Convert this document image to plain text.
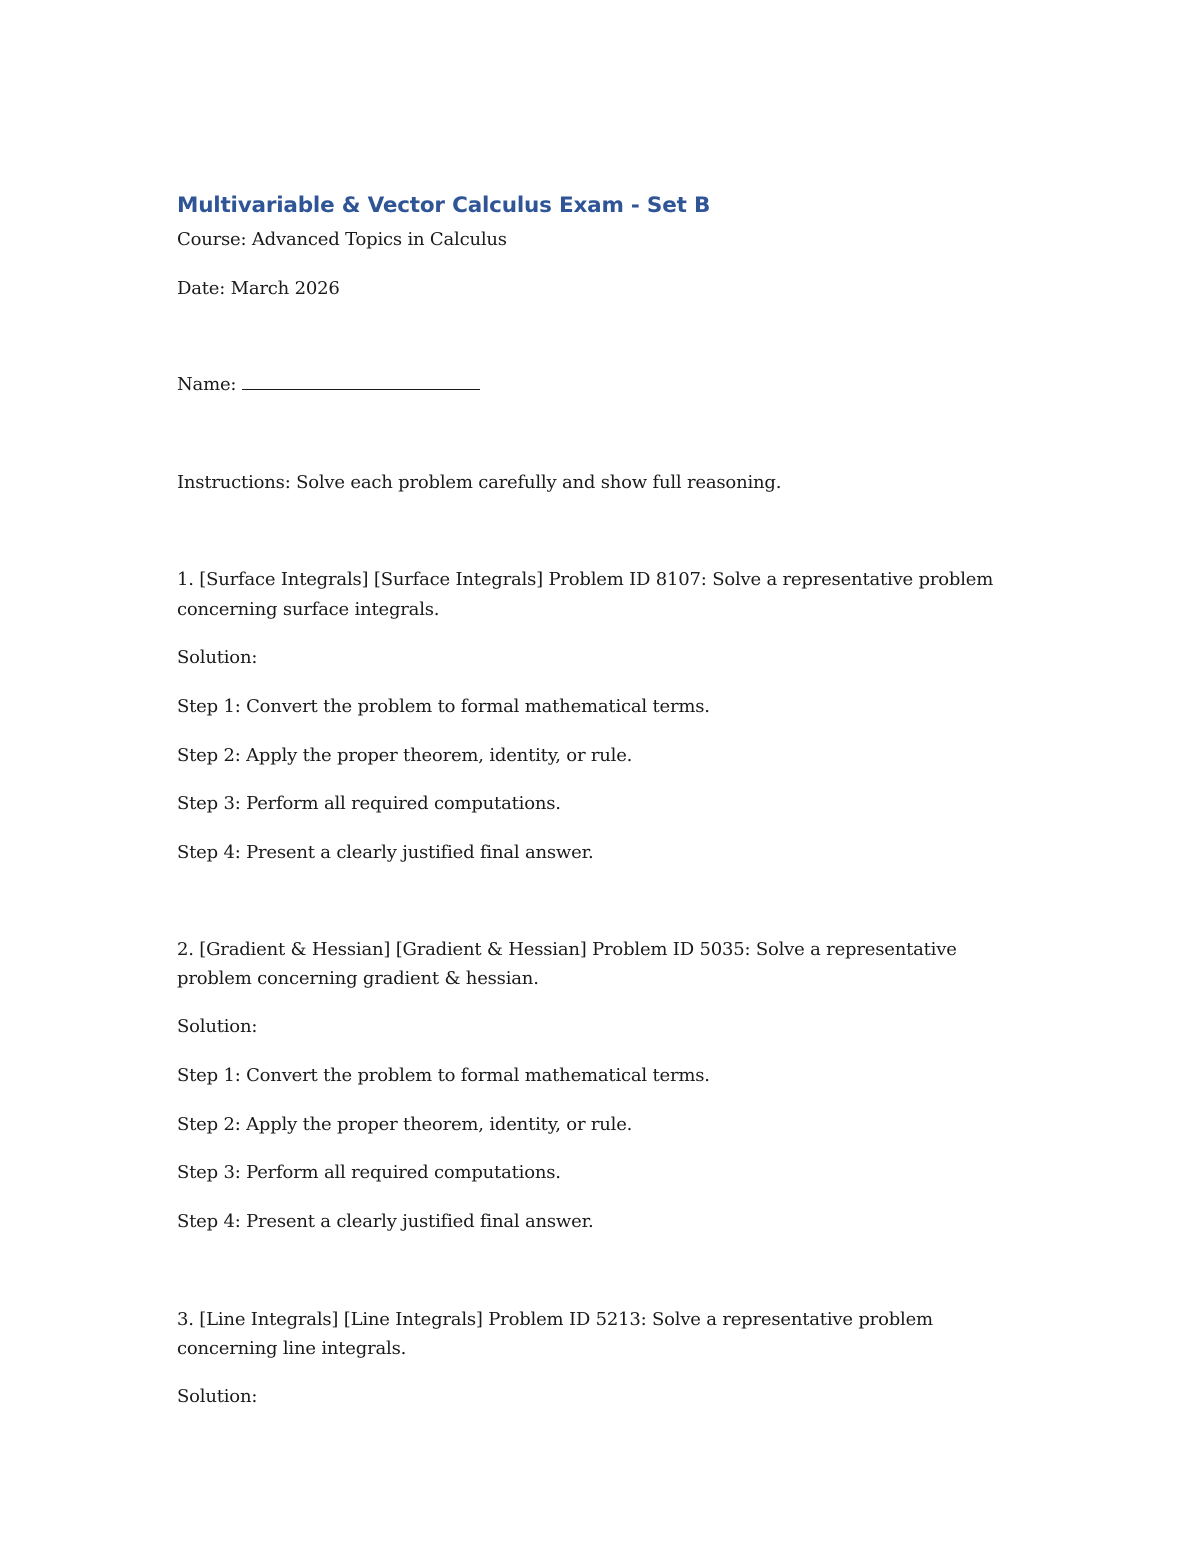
Multivariable & Vector Calculus Exam - Set B
Course: Advanced Topics in Calculus
Date: March 2026
Name:
Instructions: Solve each problem carefully and show full reasoning.
1. [Surface Integrals] [Surface Integrals] Problem ID 8107: Solve a representative problem
concerning surface integrals.
Solution:
Step 1: Convert the problem to formal mathematical terms.
Step 2: Apply the proper theorem, identity, or rule.
Step 3: Perform all required computations.
Step 4: Present a clearly justified final answer.
2. [Gradient & Hessian] [Gradient & Hessian] Problem ID 5035: Solve a representative
problem concerning gradient & hessian.
Solution:
Step 1: Convert the problem to formal mathematical terms.
Step 2: Apply the proper theorem, identity, or rule.
Step 3: Perform all required computations.
Step 4: Present a clearly justified final answer.
3. [Line Integrals] [Line Integrals] Problem ID 5213: Solve a representative problem
concerning line integrals.
Solution:
